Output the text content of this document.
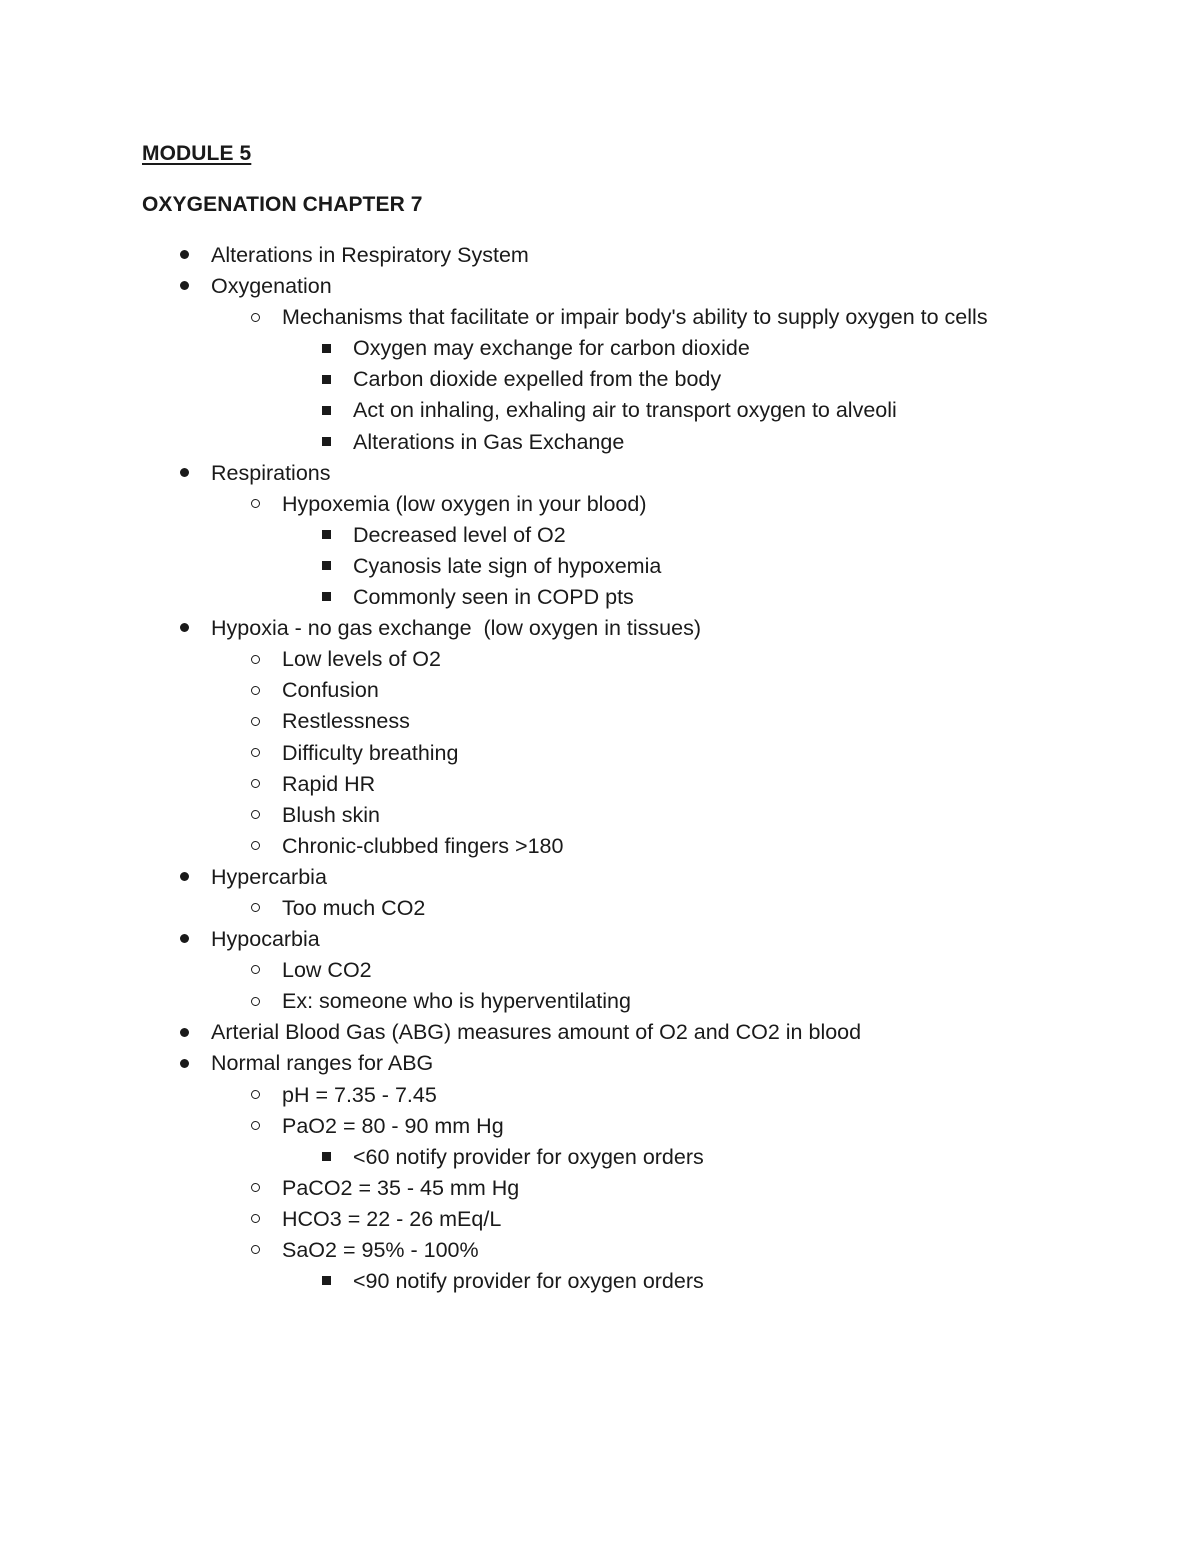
MODULE 5
OXYGENATION CHAPTER 7
Alterations in Respiratory System
Oxygenation
Mechanisms that facilitate or impair body's ability to supply oxygen to cells
Oxygen may exchange for carbon dioxide
Carbon dioxide expelled from the body
Act on inhaling, exhaling air to transport oxygen to alveoli
Alterations in Gas Exchange
Respirations
Hypoxemia (low oxygen in your blood)
Decreased level of O2
Cyanosis late sign of hypoxemia
Commonly seen in COPD pts
Hypoxia - no gas exchange  (low oxygen in tissues)
Low levels of O2
Confusion
Restlessness
Difficulty breathing
Rapid HR
Blush skin
Chronic-clubbed fingers >180
Hypercarbia
Too much CO2
Hypocarbia
Low CO2
Ex: someone who is hyperventilating
Arterial Blood Gas (ABG) measures amount of O2 and CO2 in blood
Normal ranges for ABG
pH = 7.35 - 7.45
PaO2 = 80 - 90 mm Hg
<60 notify provider for oxygen orders
PaCO2 = 35 - 45 mm Hg
HCO3 = 22 - 26 mEq/L
SaO2 = 95% - 100%
<90 notify provider for oxygen orders
